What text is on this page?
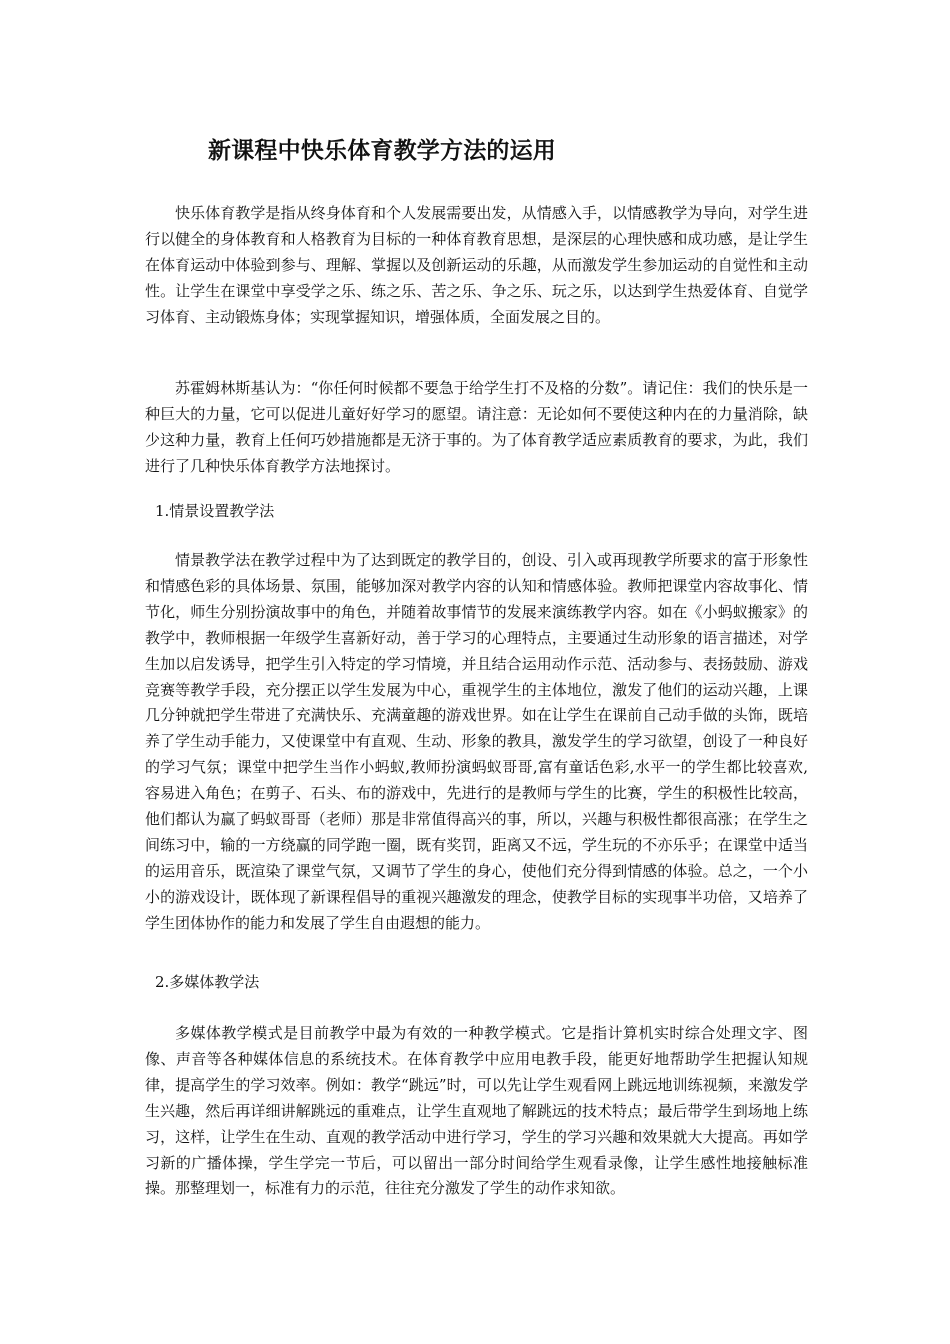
新课程中快乐体育教学方法的运用

快乐体育教学是指从终身体育和个人发展需要出发，从情感入手，以情感教学为导向，对学生进行以健全的身体教育和人格教育为目标的一种体育教育思想，是深层的心理快感和成功感，是让学生在体育运动中体验到参与、理解、掌握以及创新运动的乐趣，从而激发学生参加运动的自觉性和主动性。让学生在课堂中享受学之乐、练之乐、苦之乐、争之乐、玩之乐，以达到学生热爱体育、自觉学习体育、主动锻炼身体；实现掌握知识，增强体质，全面发展之目的。

苏霍姆林斯基认为：“你任何时候都不要急于给学生打不及格的分数”。请记住：我们的快乐是一种巨大的力量，它可以促进儿童好好学习的愿望。请注意：无论如何不要使这种内在的力量消除，缺少这种力量，教育上任何巧妙措施都是无济于事的。为了体育教学适应素质教育的要求，为此，我们进行了几种快乐体育教学方法地探讨。

1.情景设置教学法

情景教学法在教学过程中为了达到既定的教学目的，创设、引入或再现教学所要求的富于形象性和情感色彩的具体场景、氛围，能够加深对教学内容的认知和情感体验。教师把课堂内容故事化、情节化，师生分别扮演故事中的角色，并随着故事情节的发展来演练教学内容。如在《小蚂蚁搬家》的教学中，教师根据一年级学生喜新好动，善于学习的心理特点，主要通过生动形象的语言描述，对学生加以启发诱导，把学生引入特定的学习情境，并且结合运用动作示范、活动参与、表扬鼓励、游戏竞赛等教学手段，充分摆正以学生发展为中心，重视学生的主体地位，激发了他们的运动兴趣，上课几分钟就把学生带进了充满快乐、充满童趣的游戏世界。如在让学生在课前自己动手做的头饰，既培养了学生动手能力，又使课堂中有直观、生动、形象的教具，激发学生的学习欲望，创设了一种良好的学习气氛；课堂中把学生当作小蚂蚁,教师扮演蚂蚁哥哥,富有童话色彩,水平一的学生都比较喜欢,容易进入角色；在剪子、石头、布的游戏中，先进行的是教师与学生的比赛，学生的积极性比较高，他们都认为赢了蚂蚁哥哥（老师）那是非常值得高兴的事，所以，兴趣与积极性都很高涨；在学生之间练习中，输的一方绕赢的同学跑一圈，既有奖罚，距离又不远，学生玩的不亦乐乎；在课堂中适当的运用音乐，既渲染了课堂气氛，又调节了学生的身心，使他们充分得到情感的体验。总之，一个小小的游戏设计，既体现了新课程倡导的重视兴趣激发的理念，使教学目标的实现事半功倍，又培养了学生团体协作的能力和发展了学生自由遐想的能力。

2.多媒体教学法

多媒体教学模式是目前教学中最为有效的一种教学模式。它是指计算机实时综合处理文字、图像、声音等各种媒体信息的系统技术。在体育教学中应用电教手段，能更好地帮助学生把握认知规律，提高学生的学习效率。例如：教学“跳远”时，可以先让学生观看网上跳远地训练视频，来激发学生兴趣，然后再详细讲解跳远的重难点，让学生直观地了解跳远的技术特点；最后带学生到场地上练习，这样，让学生在生动、直观的教学活动中进行学习，学生的学习兴趣和效果就大大提高。再如学习新的广播体操，学生学完一节后，可以留出一部分时间给学生观看录像，让学生感性地接触标准操。那整理划一，标准有力的示范，往往充分激发了学生的动作求知欲。
